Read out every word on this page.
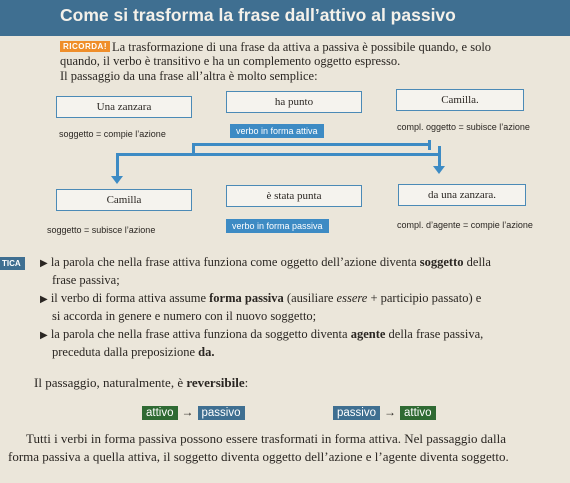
Come si trasforma la frase dall’attivo al passivo
RICORDA! La trasformazione di una frase da attiva a passiva è possibile quando, e solo
quando, il verbo è transitivo e ha un complemento oggetto espresso.
Il passaggio da una frase all’altra è molto semplice:
Una zanzara	ha punto	Camilla.
soggetto = compie l’azione	verbo in forma attiva	compl. oggetto = subisce l’azione
Camilla	è stata punta	da una zanzara.
soggetto = subisce l’azione	verbo in forma passiva	compl. d’agente = compie l’azione
TICA	▶ la parola che nella frase attiva funziona come oggetto dell’azione diventa soggetto della
frase passiva;
▶ il verbo di forma attiva assume forma passiva (ausiliare essere + participio passato) e
si accorda in genere e numero con il nuovo soggetto;
▶ la parola che nella frase attiva funziona da soggetto diventa agente della frase passiva,
preceduta dalla preposizione da.
Il passaggio, naturalmente, è reversibile:
attivo → passivo	passivo → attivo
Tutti i verbi in forma passiva possono essere trasformati in forma attiva. Nel passaggio dalla
forma passiva a quella attiva, il soggetto diventa oggetto dell’azione e l’agente diventa soggetto.
